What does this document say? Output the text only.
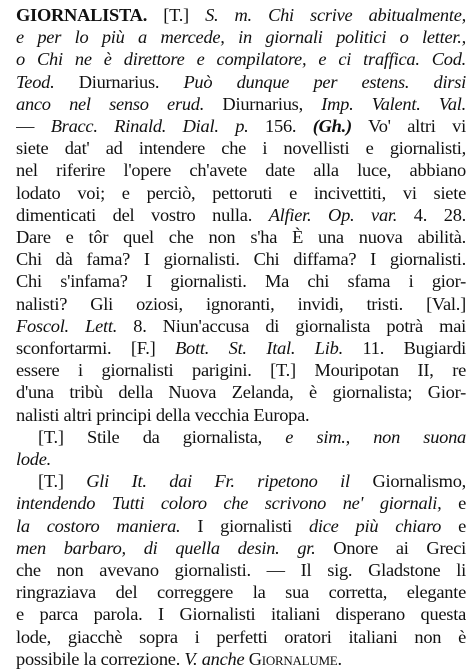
GIORNALISTA. [T.] S. m. Chi scrive abitualmente,
e per lo più a mercede, in giornali politici o letter.,
o Chi ne è direttore e compilatore, e ci traffica. Cod.
Teod. Diurnarius. Può dunque per estens. dirsi
anco nel senso erud. Diurnarius, Imp. Valent. Val.
— Bracc. Rinald. Dial. p. 156. (Gh.) Vo' altri vi
siete dat' ad intendere che i novellisti e giornalisti,
nel riferire l'opere ch'avete date alla luce, abbiano
lodato voi; e perciò, pettoruti e incivettiti, vi siete
dimenticati del vostro nulla. Alfier. Op. var. 4. 28.
Dare e tôr quel che non s'ha È una nuova abilità.
Chi dà fama? I giornalisti. Chi diffama? I giornalisti.
Chi s'infama? I giornalisti. Ma chi sfama i gior-
nalisti? Gli oziosi, ignoranti, invidi, tristi. [Val.]
Foscol. Lett. 8. Niun'accusa di giornalista potrà mai
sconfortarmi. [F.] Bott. St. Ital. Lib. 11. Bugiardi
essere i giornalisti parigini. [T.] Mouripotan II, re
d'una tribù della Nuova Zelanda, è giornalista; Gior-
nalisti altri principi della vecchia Europa.
[T.] Stile da giornalista, e sim., non suona
lode.
[T.] Gli It. dai Fr. ripetono il Giornalismo,
intendendo Tutti coloro che scrivono ne' giornali, e
la costoro maniera. I giornalisti dice più chiaro e
men barbaro, di quella desin. gr. Onore ai Greci
che non avevano giornalisti. — Il sig. Gladstone li
ringraziava del correggere la sua corretta, elegante
e parca parola. I Giornalisti italiani disperano questa
lode, giacchè sopra i perfetti oratori italiani non è
possibile la correzione. V. anche Giornalume.
